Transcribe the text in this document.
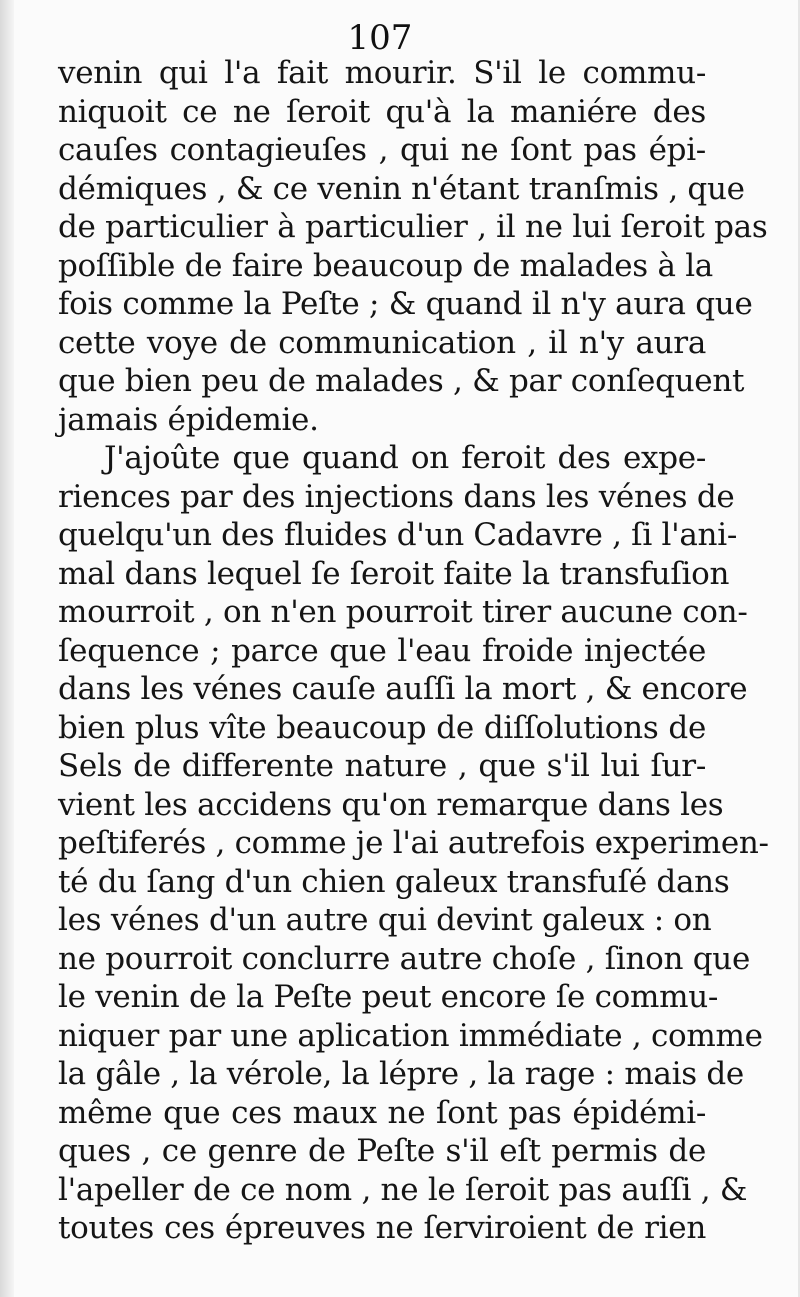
107
venin qui l'a fait mourir. S'il le commu-
niquoit ce ne ſeroit qu'à la maniére des
cauſes contagieuſes , qui ne ſont pas épi-
démiques , & ce venin n'étant tranſmis , que
de particulier à particulier , il ne lui ſeroit pas
poſſible de faire beaucoup de malades à la
fois comme la Peſte ; & quand il n'y aura que
cette voye de communication , il n'y aura
que bien peu de malades , & par conſequent
jamais épidemie.
J'ajoûte que quand on feroit des expe-
riences par des injections dans les vénes de
quelqu'un des fluides d'un Cadavre , ſi l'ani-
mal dans lequel ſe ſeroit faite la transfuſion
mourroit , on n'en pourroit tirer aucune con-
ſequence ; parce que l'eau froide injectée
dans les vénes cauſe auſſi la mort , & encore
bien plus vîte beaucoup de diſſolutions de
Sels de differente nature , que s'il lui ſur-
vient les accidens qu'on remarque dans les
peſtiferés , comme je l'ai autrefois experimen-
té du ſang d'un chien galeux transfuſé dans
les vénes d'un autre qui devint galeux : on
ne pourroit conclurre autre choſe , ſinon que
le venin de la Peſte peut encore ſe commu-
niquer par une aplication immédiate , comme
la gâle , la vérole, la lépre , la rage : mais de
même que ces maux ne ſont pas épidémi-
ques , ce genre de Peſte s'il eſt permis de
l'apeller de ce nom , ne le ſeroit pas auſſi , &
toutes ces épreuves ne ſerviroient de rien
